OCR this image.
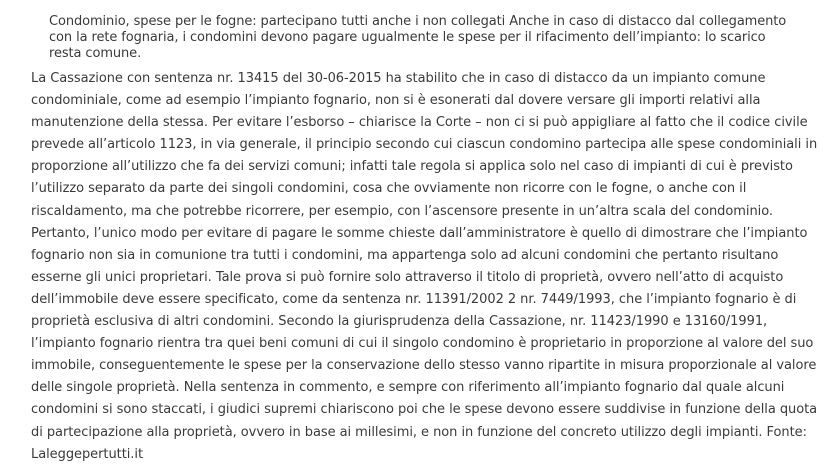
Condominio, spese per le fogne: partecipano tutti anche i non collegati Anche in caso di distacco dal collegamento con la rete fognaria, i condomini devono pagare ugualmente le spese per il rifacimento dell’impianto: lo scarico resta comune.

La Cassazione con sentenza nr. 13415 del 30-06-2015 ha stabilito che in caso di distacco da un impianto comune condominiale, come ad esempio l’impianto fognario, non si è esonerati dal dovere versare gli importi relativi alla manutenzione della stessa. Per evitare l’esborso – chiarisce la Corte – non ci si può appigliare al fatto che il codice civile prevede all’articolo 1123, in via generale, il principio secondo cui ciascun condomino partecipa alle spese condominiali in proporzione all’utilizzo che fa dei servizi comuni; infatti tale regola si applica solo nel caso di impianti di cui è previsto l’utilizzo separato da parte dei singoli condomini, cosa che ovviamente non ricorre con le fogne, o anche con il riscaldamento, ma che potrebbe ricorrere, per esempio, con l’ascensore presente in un’altra scala del condominio. Pertanto, l’unico modo per evitare di pagare le somme chieste dall’amministratore è quello di dimostrare che l’impianto fognario non sia in comunione tra tutti i condomini, ma appartenga solo ad alcuni condomini che pertanto risultano esserne gli unici proprietari. Tale prova si può fornire solo attraverso il titolo di proprietà, ovvero nell’atto di acquisto dell’immobile deve essere specificato, come da sentenza nr. 11391/2002 2 nr. 7449/1993, che l’impianto fognario è di proprietà esclusiva di altri condomini. Secondo la giurisprudenza della Cassazione, nr. 11423/1990 e 13160/1991, l’impianto fognario rientra tra quei beni comuni di cui il singolo condomino è proprietario in proporzione al valore del suo immobile, conseguentemente le spese per la conservazione dello stesso vanno ripartite in misura proporzionale al valore delle singole proprietà. Nella sentenza in commento, e sempre con riferimento all’impianto fognario dal quale alcuni condomini si sono staccati, i giudici supremi chiariscono poi che le spese devono essere suddivise in funzione della quota di partecipazione alla proprietà, ovvero in base ai millesimi, e non in funzione del concreto utilizzo degli impianti. Fonte: Laleggepertutti.it
